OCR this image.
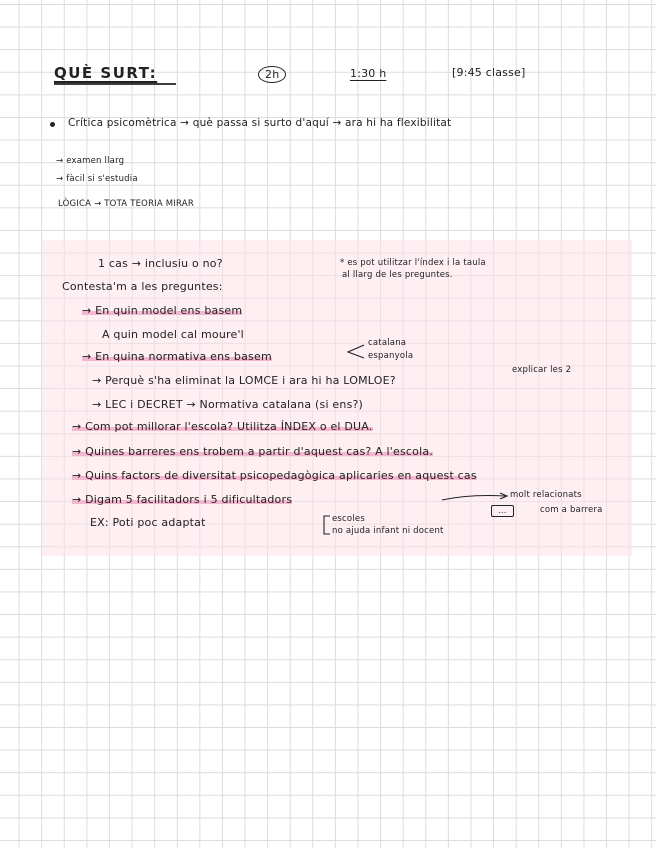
QUÈ SURT:	2h	1:30 h	[9:45 classe]
Crítica psicomètrica → què passa si surto d'aquí → ara hi ha flexibilitat
→ examen llarg
→ fàcil si s'estudia
LÒGICA → TOTA TEORIA MIRAR
1 cas → inclusiu o no?	* es pot utilitzar l'índex i la taula
al llarg de les preguntes.
Contesta'm a les preguntes:
→ En quin model ens basem
A quin model cal moure'l
→ En quina normativa ens basem
catalana
espanyola
→ Perquè s'ha eliminat la LOMCE i ara hi ha LOMLOE?
explicar les 2
→ LEC i DECRET → Normativa catalana (si ens?)
→ Com pot millorar l'escola? Utilitza ÍNDEX o el DUA.
→ Quines barreres ens trobem a partir d'aquest cas? A l'escola.
→ Quins factors de diversitat psicopedagògica aplicaries en aquest cas
→ Digam 5 facilitadors i 5 dificultadors	molt relacionats
...	com a barrera
EX: Poti poc adaptat	escoles
no ajuda infant ni docent
